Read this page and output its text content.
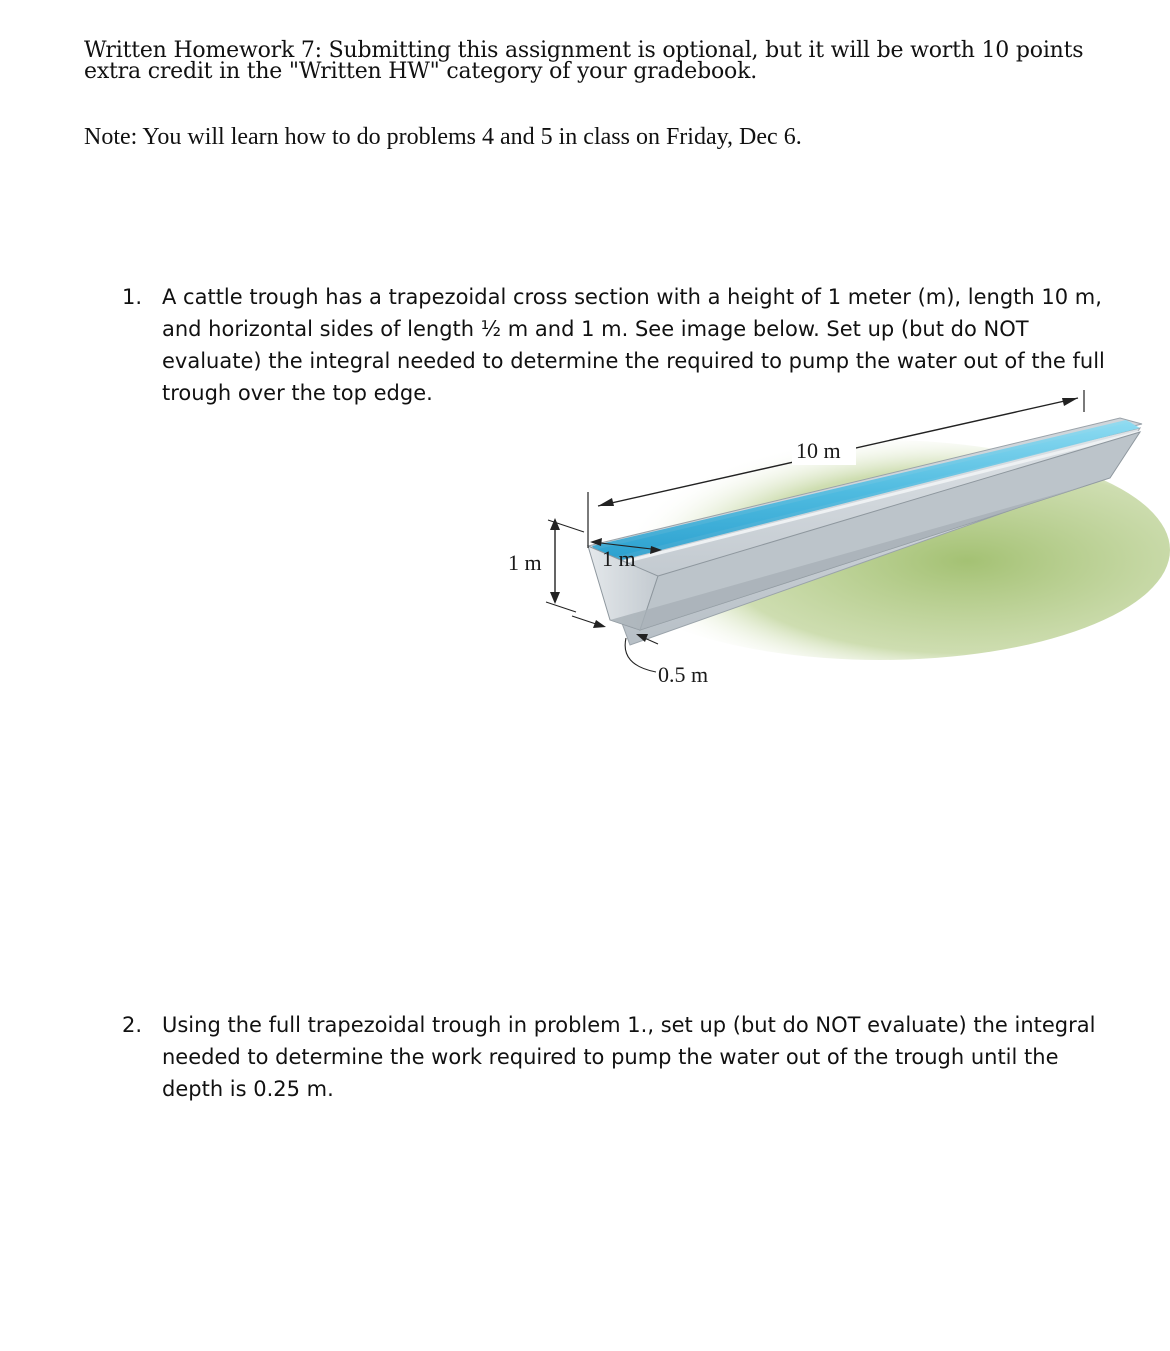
Written Homework 7: Submitting this assignment is optional, but it will be worth 10 points
extra credit in the "Written HW" category of your gradebook.
Note: You will learn how to do problems 4 and 5 in class on Friday, Dec 6.
1. A cattle trough has a trapezoidal cross section with a height of 1 meter (m), length 10 m, and horizontal sides of length ½ m and 1 m. See image below. Set up (but do NOT evaluate) the integral needed to determine the required to pump the water out of the full trough over the top edge.
10 m
1 m	1 m
0.5 m
2. Using the full trapezoidal trough in problem 1., set up (but do NOT evaluate) the integral needed to determine the work required to pump the water out of the trough until the depth is 0.25 m.
